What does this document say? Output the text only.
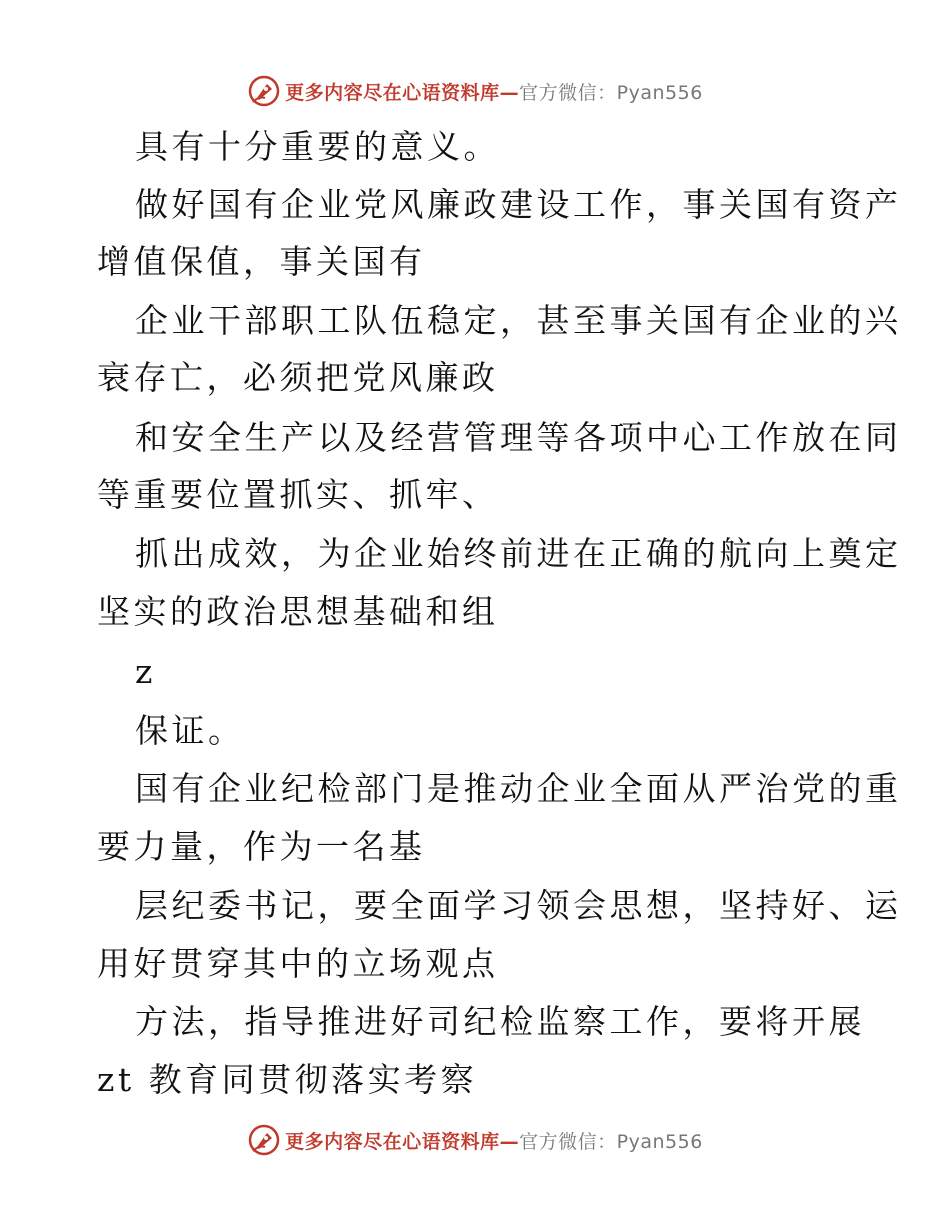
更多内容尽在心语资料库—官方微信：Pyan556
具有十分重要的意义。
做好国有企业党风廉政建设工作，事关国有资产
增值保值，事关国有
企业干部职工队伍稳定，甚至事关国有企业的兴
衰存亡，必须把党风廉政
和安全生产以及经营管理等各项中心工作放在同
等重要位置抓实、抓牢、
抓出成效，为企业始终前进在正确的航向上奠定
坚实的政治思想基础和组
z
保证。
国有企业纪检部门是推动企业全面从严治党的重
要力量，作为一名基
层纪委书记，要全面学习领会思想，坚持好、运
用好贯穿其中的立场观点
方法，指导推进好司纪检监察工作，要将开展
zt 教育同贯彻落实考察
更多内容尽在心语资料库—官方微信：Pyan556
